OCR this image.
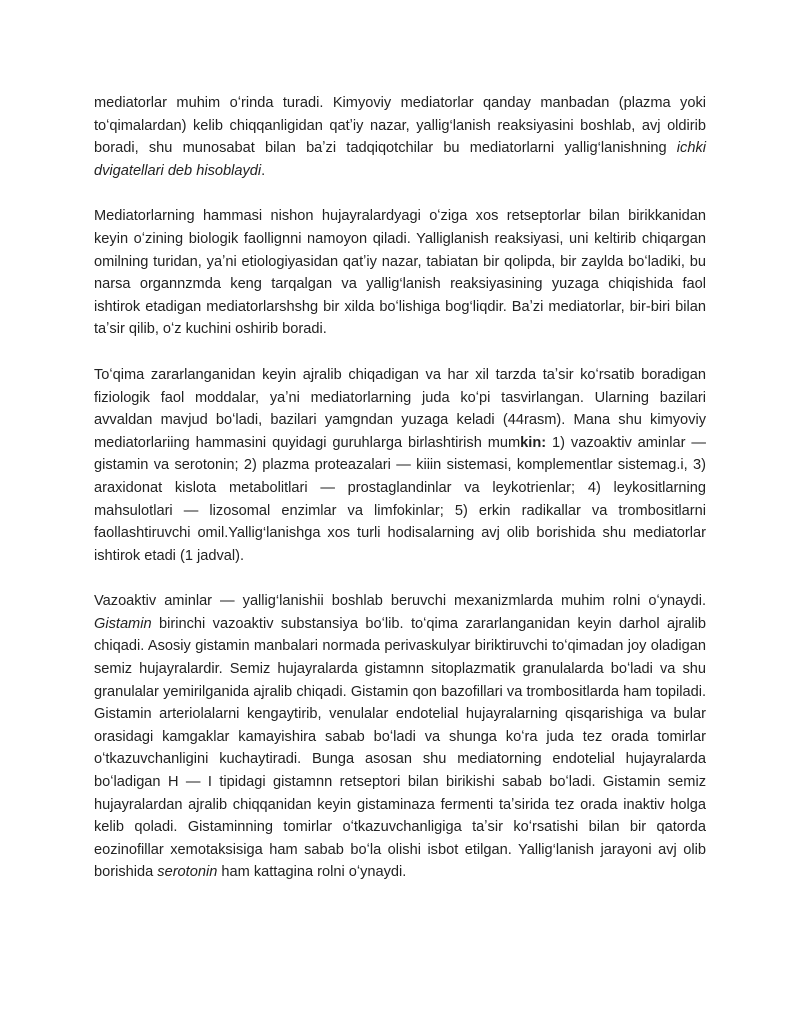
mediatorlar muhim oʻrinda turadi. Kimyoviy mediatorlar qanday manbadan (plazma yoki toʻqimalardan) kelib chiqqanligidan qatʼiy nazar, yallig‘lanish reaksiyasini boshlab, avj oldirib boradi, shu munosabat bilan baʼzi tadqiqotchilar bu mediatorlarni yallig‘lanishning ichki dvigatellari deb hisoblaydi.

Mediatorlarning hammasi nishon hujayralardyagi oʻziga xos retseptorlar bilan birikkanidan keyin oʻzining biologik faollignni namoyon qiladi. Yalliglanish reaksiyasi, uni keltirib chiqargan omilning turidan, yaʼni etiologiyasidan qatʼiy nazar, tabiatan bir qolipda, bir zaylda boʻladiki, bu narsa organnzmda keng tarqalgan va yallig‘lanish reaksiyasining yuzaga chiqishida faol ishtirok etadigan mediatorlarshshg bir xilda boʻlishiga bog‘liqdir. Baʼzi mediatorlar, bir-biri bilan taʼsir qilib, oʻz kuchini oshirib boradi.

Toʻqima zararlanganidan keyin ajralib chiqadigan va har xil tarzda taʼsir koʻrsatib boradigan fiziologik faol moddalar, yaʼni mediatorlarning juda koʻpi tasvirlangan. Ularning bazilari avvaldan mavjud boʻladi, bazilari yamgndan yuzaga keladi (44rasm). Mana shu kimyoviy mediatorlariing hammasini quyidagi guruhlarga birlashtirish mumkin: 1) vazoaktiv aminlar — gistamin va serotonin; 2) plazma proteazalari — kiiin sistemasi, komplementlar sistemag.i, 3) araxidonat kislota metabolitlari — prostaglandinlar va leykotrienlar; 4) leykositlarning mahsulotlari — lizosomal enzimlar va limfokinlar; 5) erkin radikallar va trombositlarni faollashtiruvchi omil.Yallig‘lanishga xos turli hodisalarning avj olib borishida shu mediatorlar ishtirok etadi (1 jadval).

Vazoaktiv aminlar — yallig‘lanishii boshlab beruvchi mexanizmlarda muhim rolni oʻynaydi. Gistamin birinchi vazoaktiv substansiya boʻlib. toʻqima zararlanganidan keyin darhol ajralib chiqadi. Asosiy gistamin manbalari normada perivaskulyar biriktiruvchi toʻqimadan joy oladigan semiz hujayralardir. Semiz hujayralarda gistamnn sitoplazmatik granulalarda boʻladi va shu granulalar yemirilganida ajralib chiqadi. Gistamin qon bazofillari va trombositlarda ham topiladi. Gistamin arteriolalarni kengaytirib, venulalar endotelial hujayralarning qisqarishiga va bular orasidagi kamgaklar kamayishira sabab boʻladi va shunga koʻra juda tez orada tomirlar oʻtkazuvchanligini kuchaytiradi. Bunga asosan shu mediatorning endotelial hujayralarda boʻladigan H — I tipidagi gistamnn retseptori bilan birikishi sabab boʻladi. Gistamin semiz hujayralardan ajralib chiqqanidan keyin gistaminaza fermenti taʼsirida tez orada inaktiv holga kelib qoladi. Gistaminning tomirlar oʻtkazuvchanligiga taʼsir koʻrsatishi bilan bir qatorda eozinofillar xemotaksisiga ham sabab boʻla olishi isbot etilgan. Yallig‘lanish jarayoni avj olib borishida serotonin ham kattagina rolni oʻynaydi.
